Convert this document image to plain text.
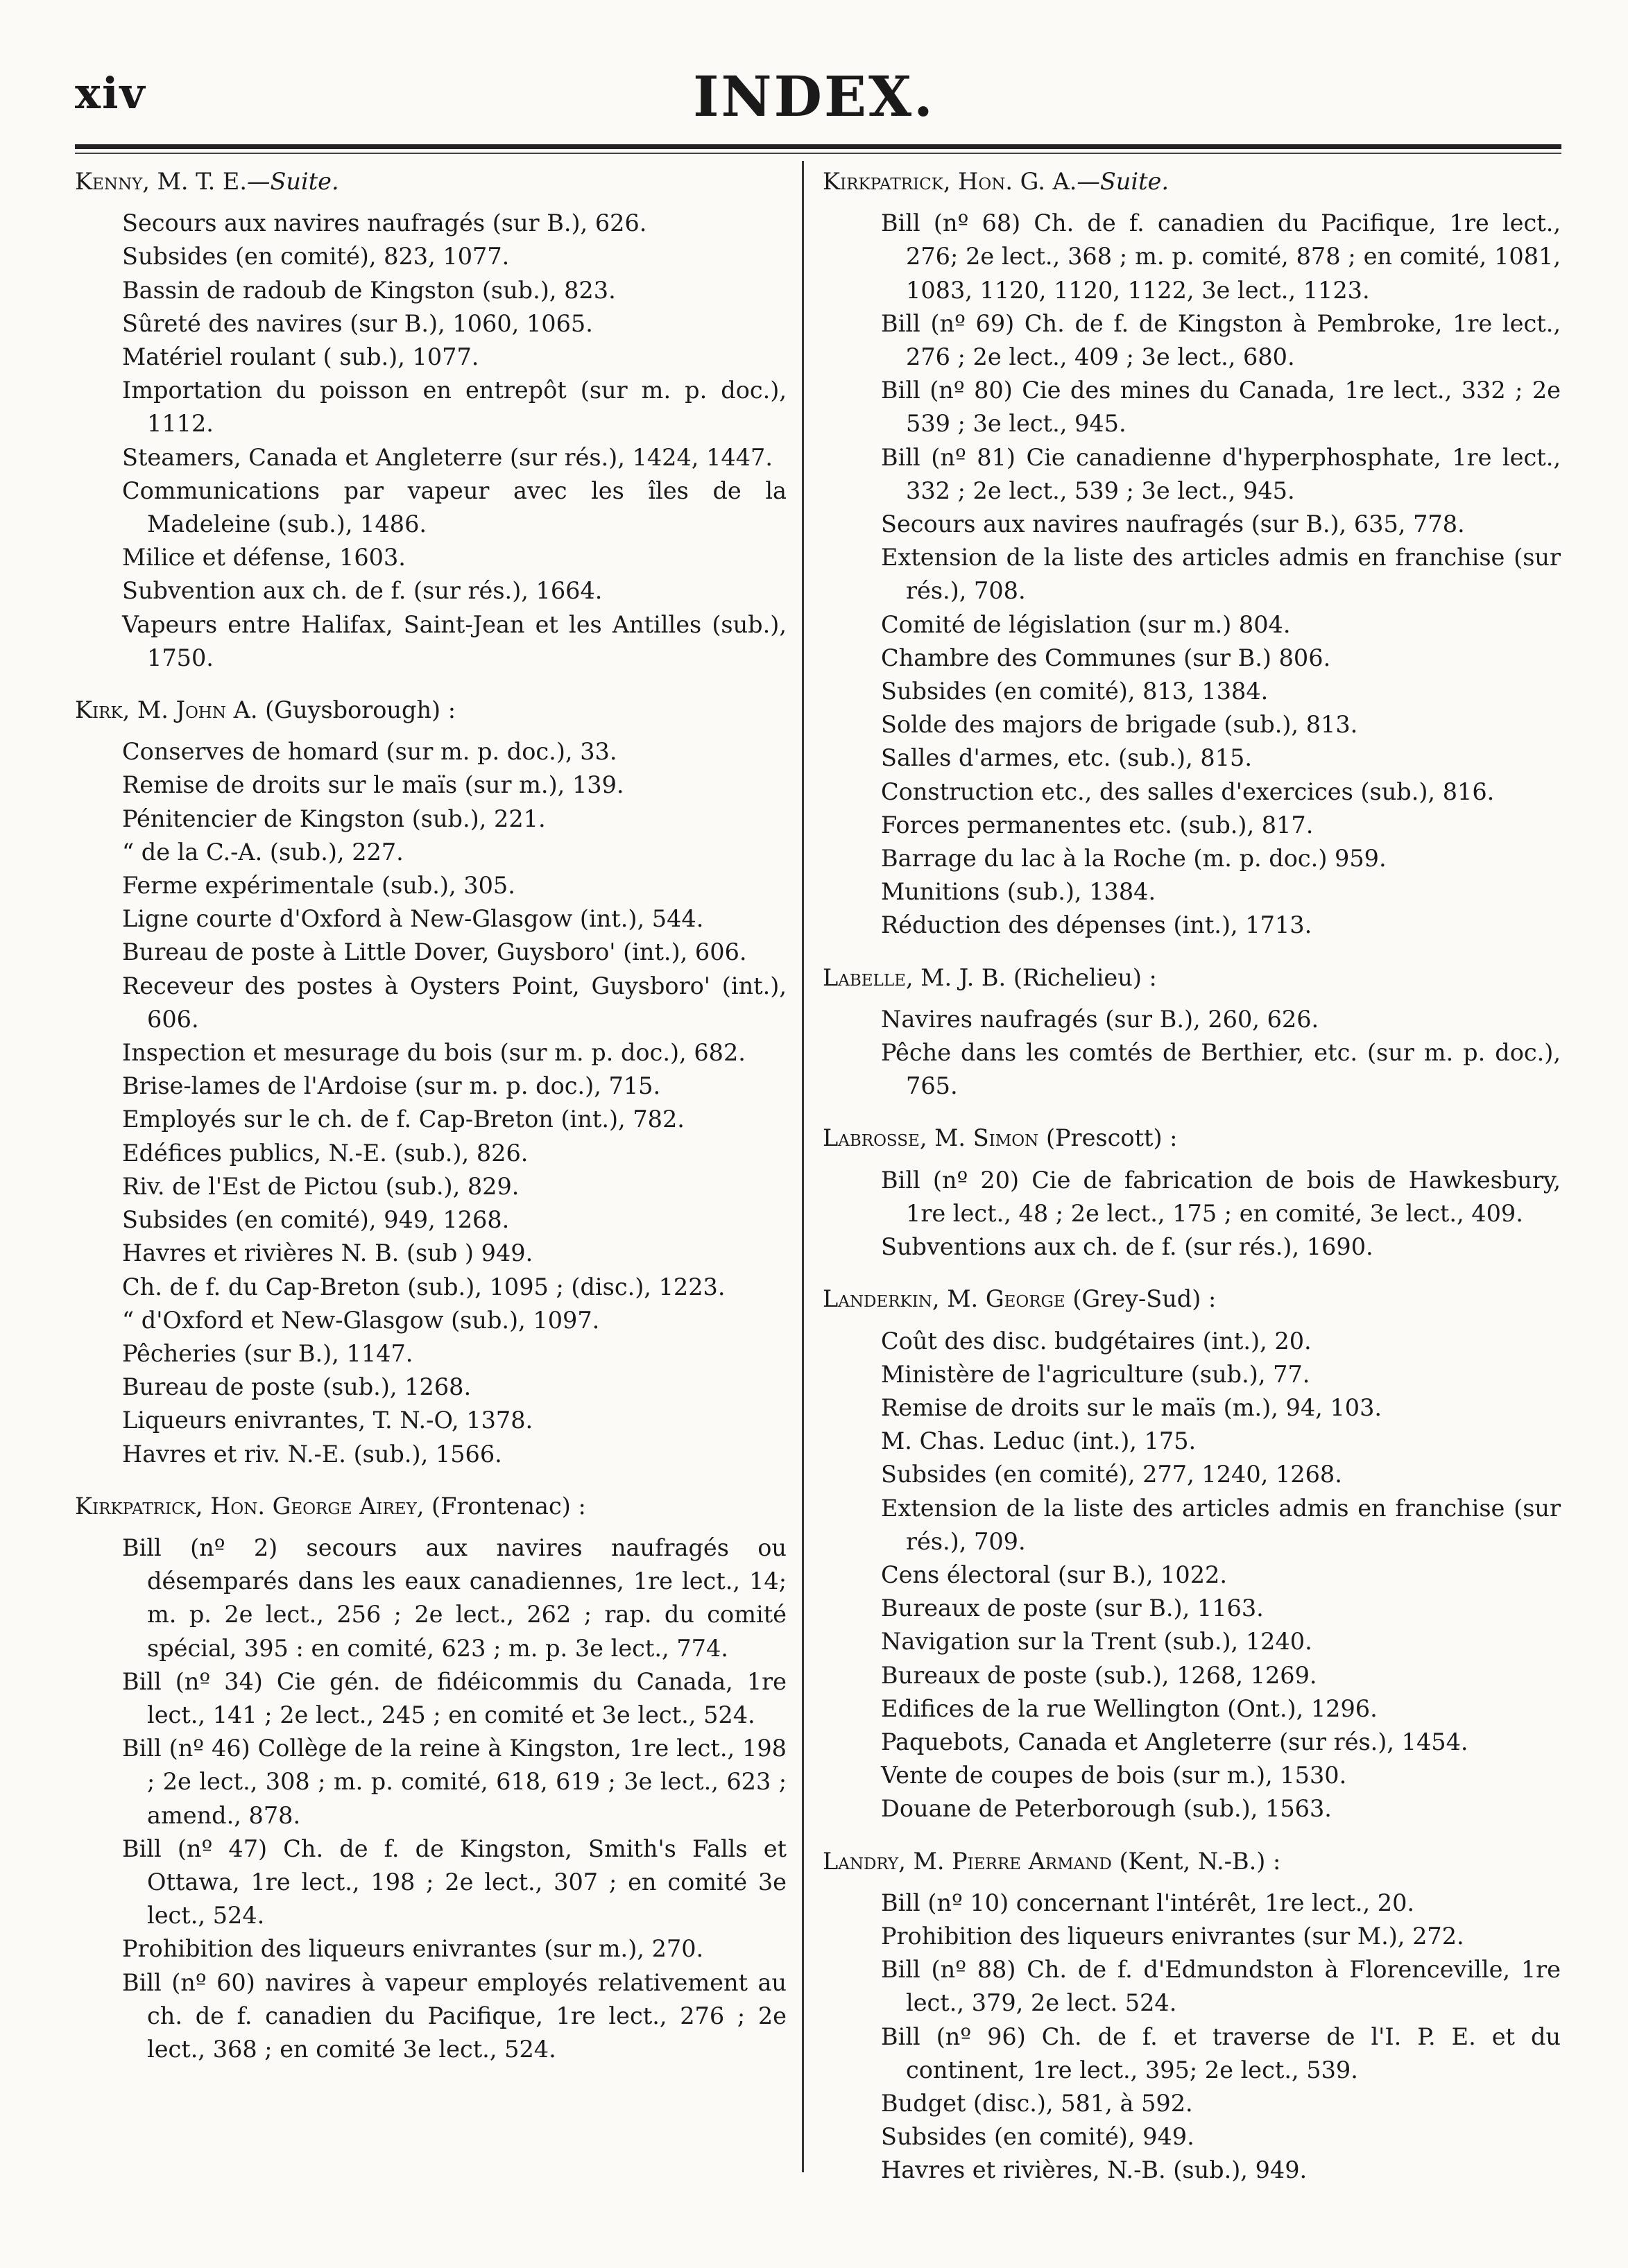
xiv	INDEX.

Kenny, M. T. E.—Suite.

Secours aux navires naufragés (sur B.), 626.
Subsides (en comité), 823, 1077.
Bassin de radoub de Kingston (sub.), 823.
Sûreté des navires (sur B.), 1060, 1065.
Matériel roulant ( sub.), 1077.
Importation du poisson en entrepôt (sur m. p. doc.), 1112.
Steamers, Canada et Angleterre (sur rés.), 1424, 1447.
Communications par vapeur avec les îles de la Madeleine (sub.), 1486.
Milice et défense, 1603.
Subvention aux ch. de f. (sur rés.), 1664.
Vapeurs entre Halifax, Saint-Jean et les Antilles (sub.), 1750.

Kirk, M. John A. (Guysborough) :

Conserves de homard (sur m. p. doc.), 33.
Remise de droits sur le maïs (sur m.), 139.
Pénitencier de Kingston (sub.), 221.
“ de la C.-A. (sub.), 227.
Ferme expérimentale (sub.), 305.
Ligne courte d'Oxford à New-Glasgow (int.), 544.
Bureau de poste à Little Dover, Guysboro' (int.), 606.
Receveur des postes à Oysters Point, Guysboro' (int.), 606.
Inspection et mesurage du bois (sur m. p. doc.), 682.
Brise-lames de l'Ardoise (sur m. p. doc.), 715.
Employés sur le ch. de f. Cap-Breton (int.), 782.
Edéfices publics, N.-E. (sub.), 826.
Riv. de l'Est de Pictou (sub.), 829.
Subsides (en comité), 949, 1268.
Havres et rivières N. B. (sub ) 949.
Ch. de f. du Cap-Breton (sub.), 1095 ; (disc.), 1223.
“ d'Oxford et New-Glasgow (sub.), 1097.
Pêcheries (sur B.), 1147.
Bureau de poste (sub.), 1268.
Liqueurs enivrantes, T. N.-O, 1378.
Havres et riv. N.-E. (sub.), 1566.

Kirkpatrick, Hon. George Airey, (Frontenac) :

Bill (nº 2) secours aux navires naufragés ou désemparés dans les eaux canadiennes, 1re lect., 14; m. p. 2e lect., 256 ; 2e lect., 262 ; rap. du comité spécial, 395 : en comité, 623 ; m. p. 3e lect., 774.
Bill (nº 34) Cie gén. de fidéicommis du Canada, 1re lect., 141 ; 2e lect., 245 ; en comité et 3e lect., 524.
Bill (nº 46) Collège de la reine à Kingston, 1re lect., 198 ; 2e lect., 308 ; m. p. comité, 618, 619 ; 3e lect., 623 ; amend., 878.
Bill (nº 47) Ch. de f. de Kingston, Smith's Falls et Ottawa, 1re lect., 198 ; 2e lect., 307 ; en comité 3e lect., 524.
Prohibition des liqueurs enivrantes (sur m.), 270.
Bill (nº 60) navires à vapeur employés relativement au ch. de f. canadien du Pacifique, 1re lect., 276 ; 2e lect., 368 ; en comité 3e lect., 524.

Kirkpatrick, Hon. G. A.—Suite.

Bill (nº 68) Ch. de f. canadien du Pacifique, 1re lect., 276; 2e lect., 368 ; m. p. comité, 878 ; en comité, 1081, 1083, 1120, 1120, 1122, 3e lect., 1123.
Bill (nº 69) Ch. de f. de Kingston à Pembroke, 1re lect., 276 ; 2e lect., 409 ; 3e lect., 680.
Bill (nº 80) Cie des mines du Canada, 1re lect., 332 ; 2e 539 ; 3e lect., 945.
Bill (nº 81) Cie canadienne d'hyperphosphate, 1re lect., 332 ; 2e lect., 539 ; 3e lect., 945.
Secours aux navires naufragés (sur B.), 635, 778.
Extension de la liste des articles admis en franchise (sur rés.), 708.
Comité de législation (sur m.) 804.
Chambre des Communes (sur B.) 806.
Subsides (en comité), 813, 1384.
Solde des majors de brigade (sub.), 813.
Salles d'armes, etc. (sub.), 815.
Construction etc., des salles d'exercices (sub.), 816.
Forces permanentes etc. (sub.), 817.
Barrage du lac à la Roche (m. p. doc.) 959.
Munitions (sub.), 1384.
Réduction des dépenses (int.), 1713.

Labelle, M. J. B. (Richelieu) :

Navires naufragés (sur B.), 260, 626.
Pêche dans les comtés de Berthier, etc. (sur m. p. doc.), 765.

Labrosse, M. Simon (Prescott) :

Bill (nº 20) Cie de fabrication de bois de Hawkesbury, 1re lect., 48 ; 2e lect., 175 ; en comité, 3e lect., 409.
Subventions aux ch. de f. (sur rés.), 1690.

Landerkin, M. George (Grey-Sud) :

Coût des disc. budgétaires (int.), 20.
Ministère de l'agriculture (sub.), 77.
Remise de droits sur le maïs (m.), 94, 103.
M. Chas. Leduc (int.), 175.
Subsides (en comité), 277, 1240, 1268.
Extension de la liste des articles admis en franchise (sur rés.), 709.
Cens électoral (sur B.), 1022.
Bureaux de poste (sur B.), 1163.
Navigation sur la Trent (sub.), 1240.
Bureaux de poste (sub.), 1268, 1269.
Edifices de la rue Wellington (Ont.), 1296.
Paquebots, Canada et Angleterre (sur rés.), 1454.
Vente de coupes de bois (sur m.), 1530.
Douane de Peterborough (sub.), 1563.

Landry, M. Pierre Armand (Kent, N.-B.) :

Bill (nº 10) concernant l'intérêt, 1re lect., 20.
Prohibition des liqueurs enivrantes (sur M.), 272.
Bill (nº 88) Ch. de f. d'Edmundston à Florenceville, 1re lect., 379, 2e lect. 524.
Bill (nº 96) Ch. de f. et traverse de l'I. P. E. et du continent, 1re lect., 395; 2e lect., 539.
Budget (disc.), 581, à 592.
Subsides (en comité), 949.
Havres et rivières, N.-B. (sub.), 949.
